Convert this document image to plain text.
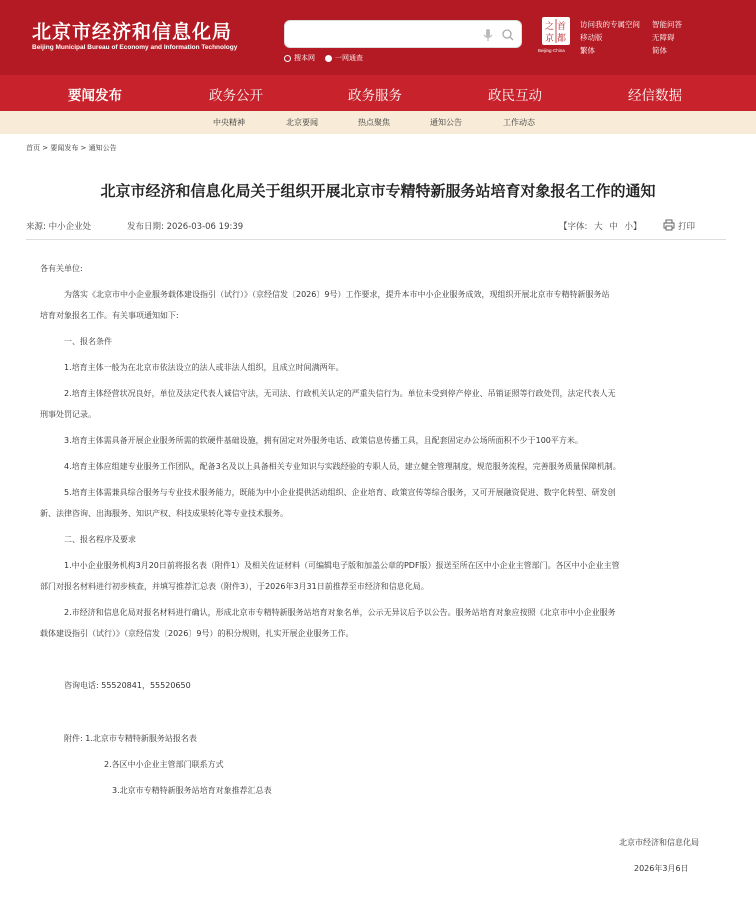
北京市经济和信息化局
Beijing Municipal Bureau of Economy and Information Technology
搜本网	一网通查
之
京
首
都
Beijing·China
访问我的专属空间 智能问答
移动版	无障碍
繁体	简体
要闻发布	政务公开	政务服务	政民互动	经信数据
中央精神	北京要闻	热点聚焦	通知公告	工作动态
首页 > 要闻发布 > 通知公告
北京市经济和信息化局关于组织开展北京市专精特新服务站培育对象报名工作的通知
来源: 中小企业处	发布日期: 2026-03-06 19:39	【字体: 大 中 小】	打印
各有关单位:
为落实《北京市中小企业服务载体建设指引（试行）》（京经信发〔2026〕9号）工作要求，提升本市中小企业服务成效，现组织开展北京市专精特新服务站
培育对象报名工作。有关事项通知如下:
一、报名条件
1.培育主体一般为在北京市依法设立的法人或非法人组织，且成立时间满两年。
2.培育主体经营状况良好，单位及法定代表人诚信守法，无司法、行政机关认定的严重失信行为。单位未受到停产停业、吊销证照等行政处罚，法定代表人无
刑事处罚记录。
3.培育主体需具备开展企业服务所需的软硬件基础设施，拥有固定对外服务电话、政策信息传播工具，且配套固定办公场所面积不少于100平方米。
4.培育主体应组建专业服务工作团队，配备3名及以上具备相关专业知识与实践经验的专职人员，建立健全管理制度，规范服务流程，完善服务质量保障机制。
5.培育主体需兼具综合服务与专业技术服务能力，既能为中小企业提供活动组织、企业培育、政策宣传等综合服务，又可开展融资促进、数字化转型、研发创
新、法律咨询、出海服务、知识产权、科技成果转化等专业技术服务。
二、报名程序及要求
1.中小企业服务机构3月20日前将报名表（附件1）及相关佐证材料（可编辑电子版和加盖公章的PDF版）报送至所在区中小企业主管部门。各区中小企业主管
部门对报名材料进行初步核查，并填写推荐汇总表（附件3），于2026年3月31日前推荐至市经济和信息化局。
2.市经济和信息化局对报名材料进行确认，形成北京市专精特新服务站培育对象名单，公示无异议后予以公告。服务站培育对象应按照《北京市中小企业服务
载体建设指引（试行）》（京经信发〔2026〕9号）的积分规则，扎实开展企业服务工作。
咨询电话: 55520841，55520650
附件: 1.北京市专精特新服务站报名表
2.各区中小企业主管部门联系方式
3.北京市专精特新服务站培育对象推荐汇总表
北京市经济和信息化局
2026年3月6日
